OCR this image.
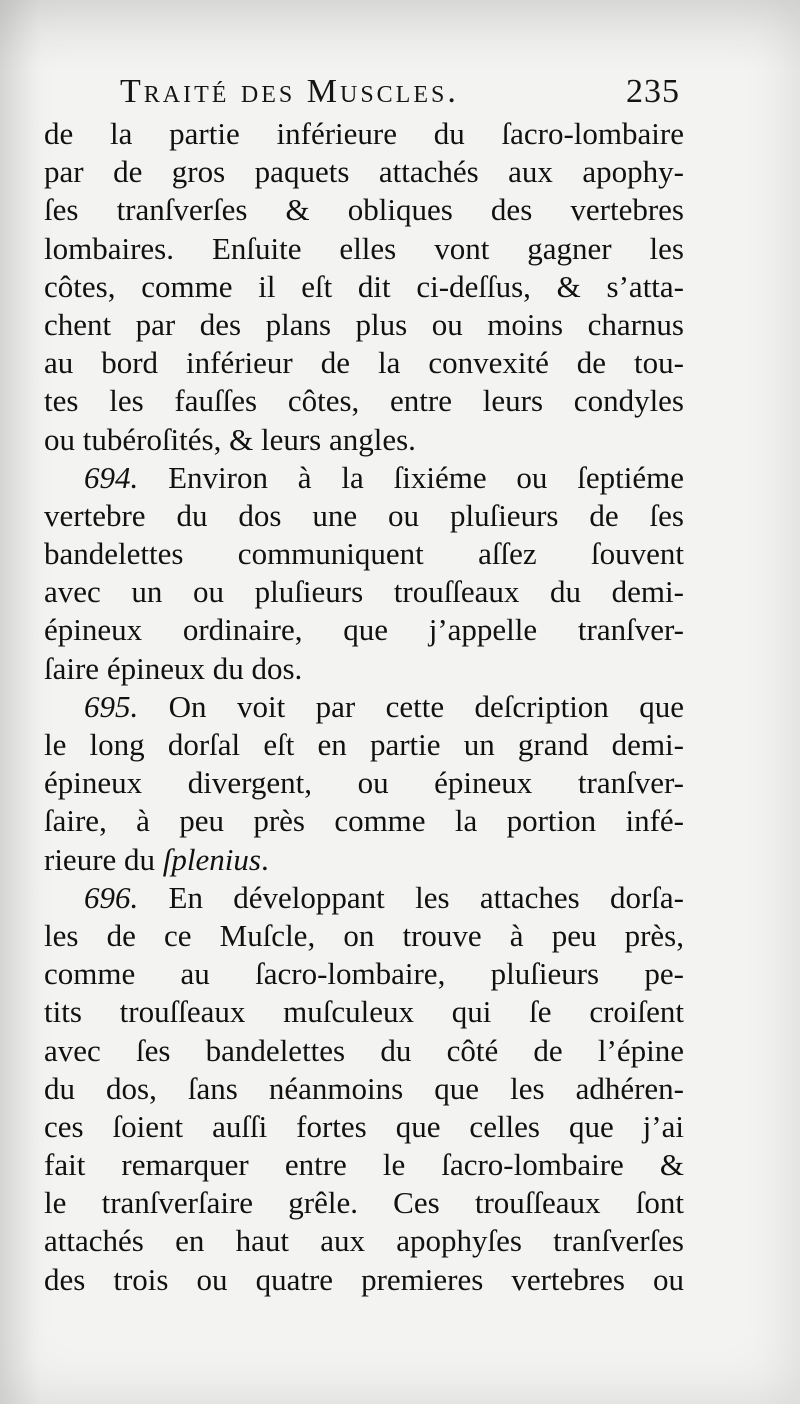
Traité des Muscles.	235
de la partie inférieure du ſacro-lombaire
par de gros paquets attachés aux apophy-
ſes tranſverſes & obliques des vertebres
lombaires. Enſuite elles vont gagner les
côtes, comme il eſt dit ci-deſſus, & s’atta-
chent par des plans plus ou moins charnus
au bord inférieur de la convexité de tou-
tes les fauſſes côtes, entre leurs condyles
ou tubéroſités, & leurs angles.
694. Environ à la ſixiéme ou ſeptiéme
vertebre du dos une ou pluſieurs de ſes
bandelettes communiquent aſſez ſouvent
avec un ou pluſieurs trouſſeaux du demi-
épineux ordinaire, que j’appelle tranſver-
ſaire épineux du dos.
695. On voit par cette deſcription que
le long dorſal eſt en partie un grand demi-
épineux divergent, ou épineux tranſver-
ſaire, à peu près comme la portion infé-
rieure du ſplenius.
696. En développant les attaches dorſa-
les de ce Muſcle, on trouve à peu près,
comme au ſacro-lombaire, pluſieurs pe-
tits trouſſeaux muſculeux qui ſe croiſent
avec ſes bandelettes du côté de l’épine
du dos, ſans néanmoins que les adhéren-
ces ſoient auſſi fortes que celles que j’ai
fait remarquer entre le ſacro-lombaire &
le tranſverſaire grêle. Ces trouſſeaux ſont
attachés en haut aux apophyſes tranſverſes
des trois ou quatre premieres vertebres ou
